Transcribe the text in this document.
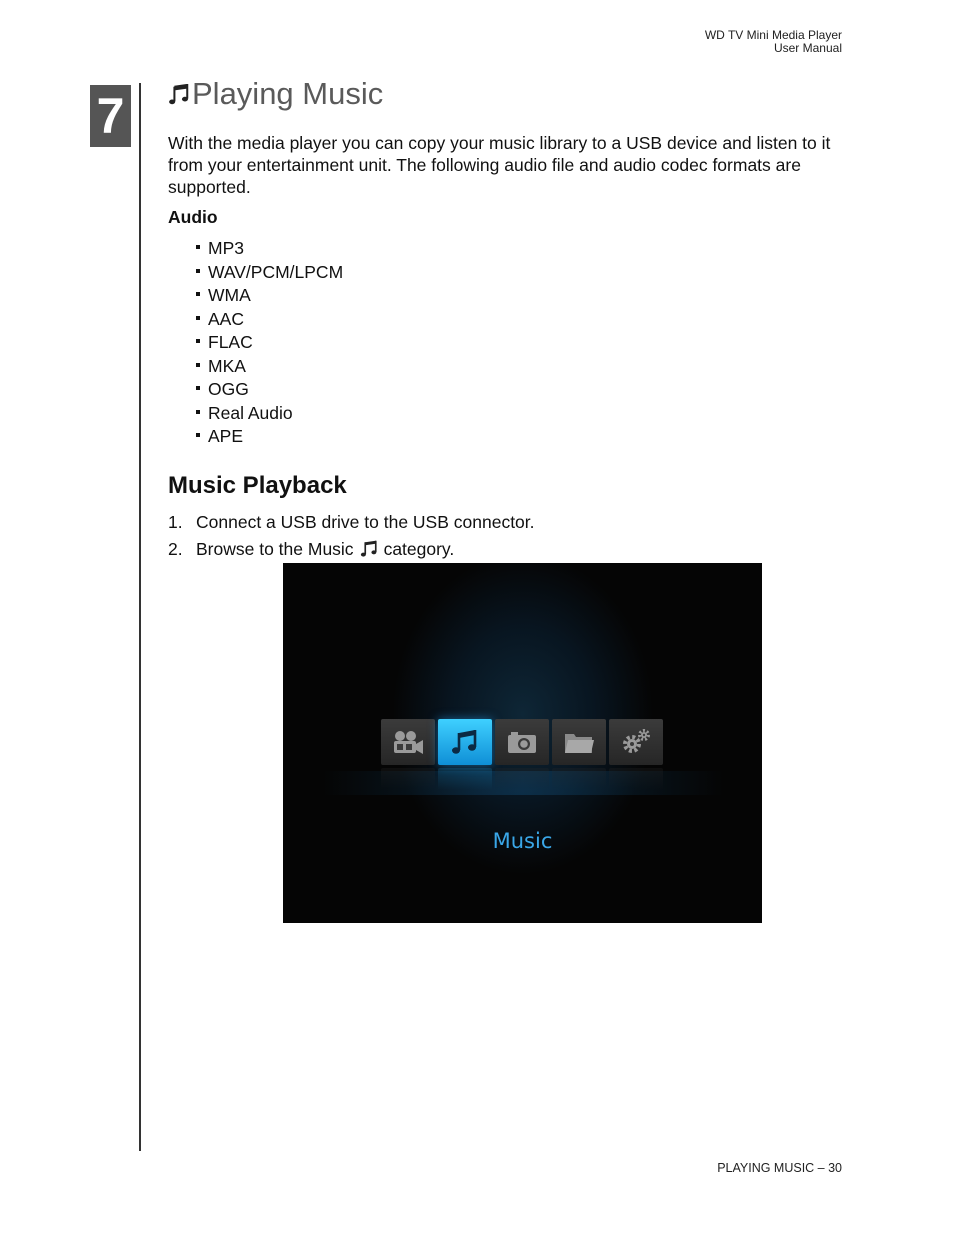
WD TV Mini Media Player
User Manual
7 Playing Music
With the media player you can copy your music library to a USB device and listen to it from your entertainment unit. The following audio file and audio codec formats are supported.
Audio
MP3
WAV/PCM/LPCM
WMA
AAC
FLAC
MKA
OGG
Real Audio
APE
Music Playback
1. Connect a USB drive to the USB connector.
2. Browse to the Music category.
Music
PLAYING MUSIC – 30
